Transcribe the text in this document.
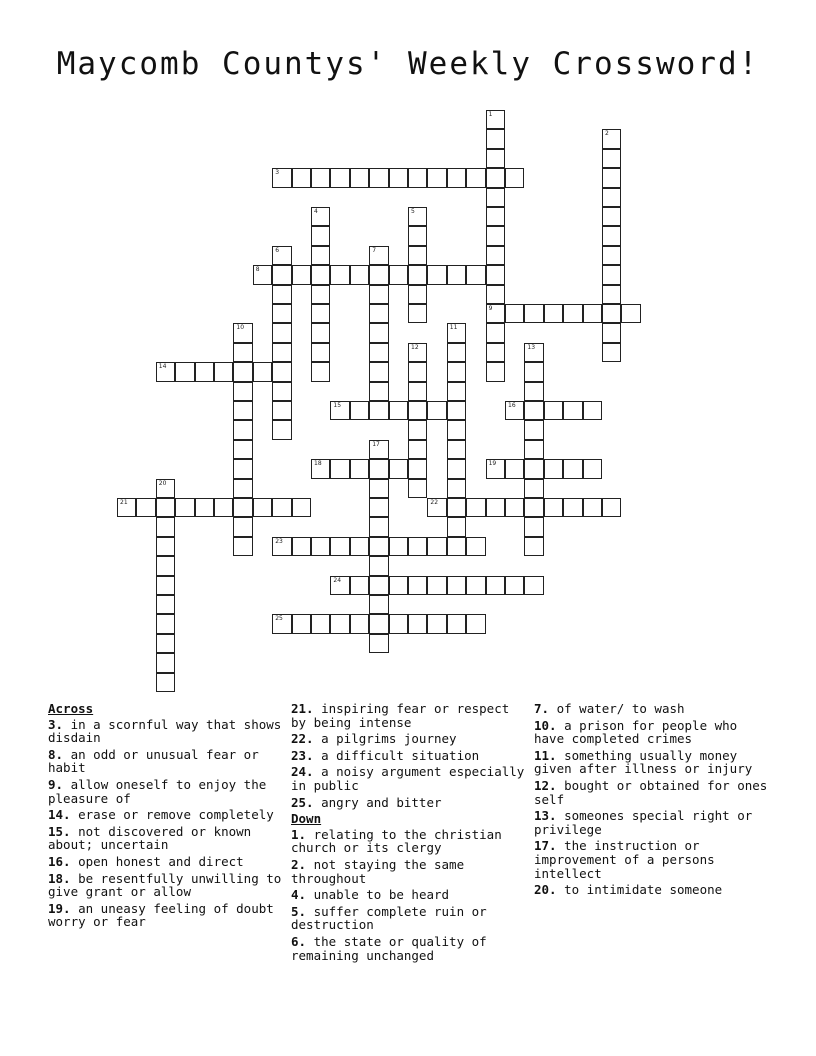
Maycomb Countys' Weekly Crossword!
1
9
2
3
4	5
6	7
8
10	11
12	13
14
15	16
17
18	19
20
21	22
23
24
25
Across
3. in a scornful way that shows disdain
8. an odd or unusual fear or habit
9. allow oneself to enjoy the pleasure of
14. erase or remove completely
15. not discovered or known about; uncertain
16. open honest and direct
18. be resentfully unwilling to give grant or allow
19. an uneasy feeling of doubt worry or fear
21. inspiring fear or respect by being intense
22. a pilgrims journey
23. a difficult situation
24. a noisy argument especially in public
25. angry and bitter
Down
1. relating to the christian church or its clergy
2. not staying the same throughout
4. unable to be heard
5. suffer complete ruin or destruction
6. the state or quality of remaining unchanged
7. of water/ to wash
10. a prison for people who have completed crimes
11. something usually money given after illness or injury
12. bought or obtained for ones self
13. someones special right or privilege
17. the instruction or improvement of a persons intellect
20. to intimidate someone
